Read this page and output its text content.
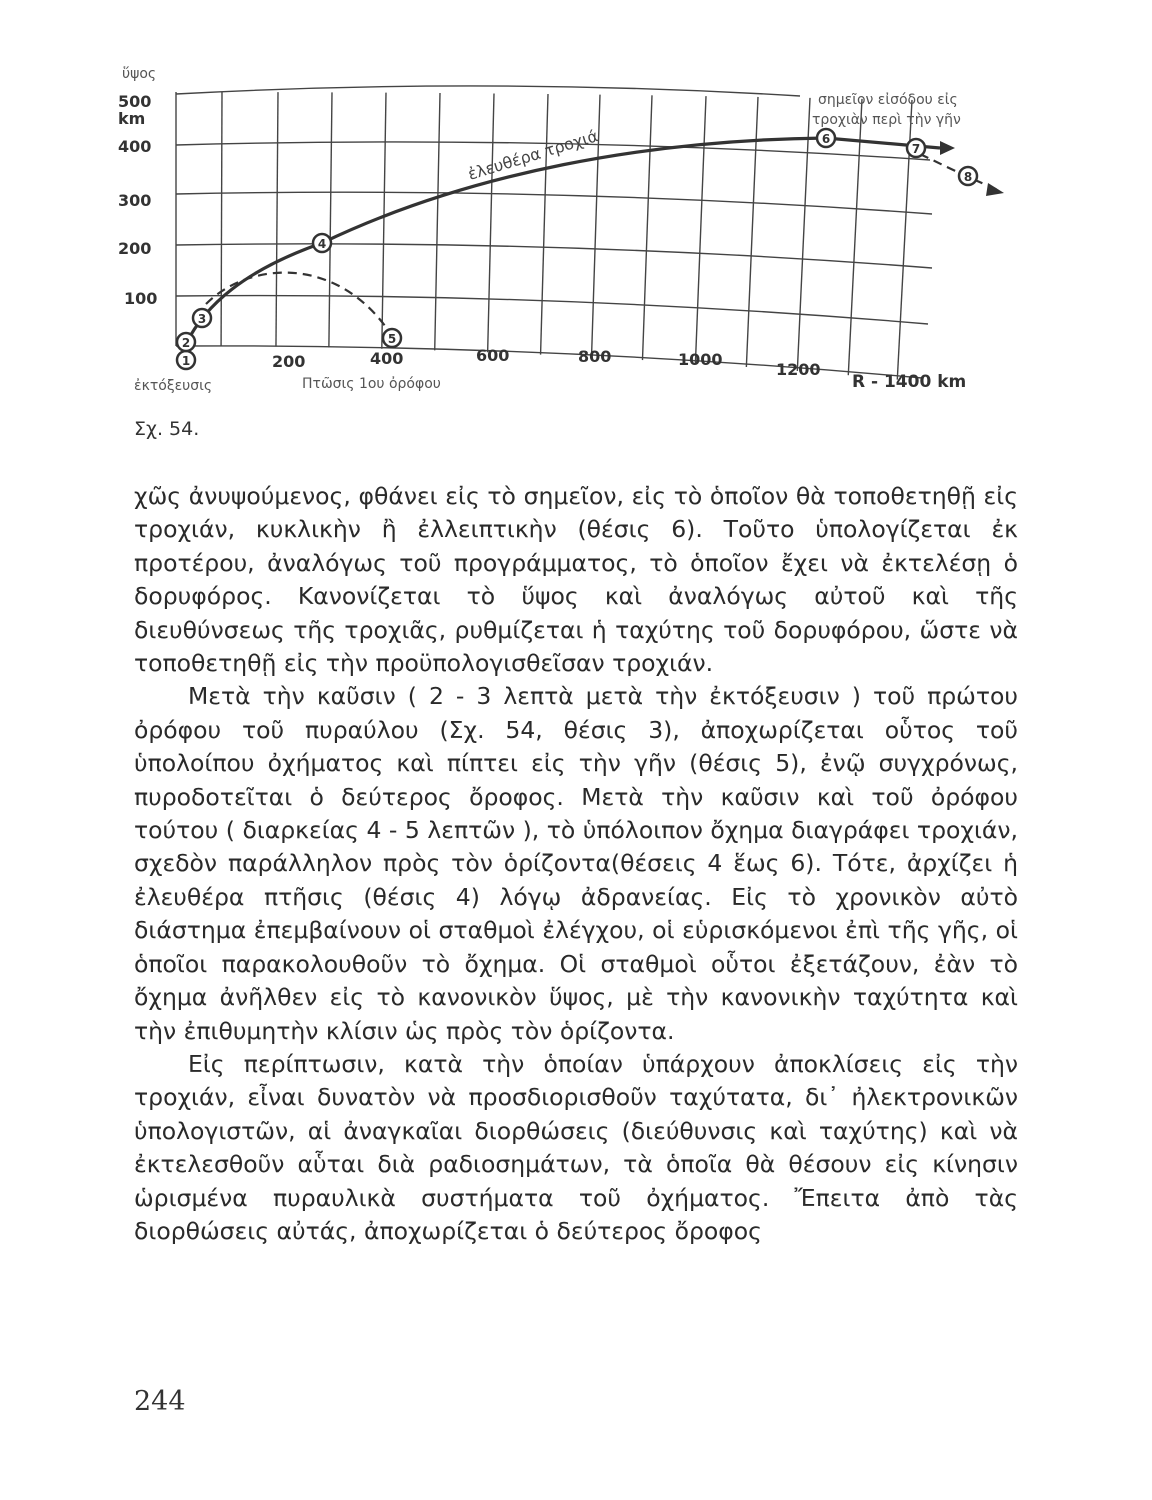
ὕψος
500
km
400
300
200
100
200	400	600	800	1000
1200
R - 1400 km
ἐκτόξευσις	Πτῶσις 1ου ὀρόφου
ἐλευθέρα τροχιά
σημεῖον εἰσόδου εἰς
τροχιὰν περὶ τὴν γῆν
1
2
3
4
5
6
7
8
Σχ. 54.

χῶς ἀνυψούμενος, φθάνει εἰς τὸ σημεῖον, εἰς τὸ ὁποῖον θὰ τοποθετηθῇ εἰς τροχιάν, κυκλικὴν ἢ ἐλλειπτικὴν (θέσις 6). Τοῦτο ὑπολογίζεται ἐκ προτέρου, ἀναλόγως τοῦ προγράμματος, τὸ ὁποῖον ἔχει νὰ ἐκτελέσῃ ὁ δορυφόρος. Κανονίζεται τὸ ὕψος καὶ ἀναλόγως αὐτοῦ καὶ τῆς διευθύνσεως τῆς τροχιᾶς, ρυθμίζεται ἡ ταχύτης τοῦ δορυφόρου, ὥστε νὰ τοποθετηθῇ εἰς τὴν προϋπολογισθεῖσαν τροχιάν.

Μετὰ τὴν καῦσιν ( 2 - 3 λεπτὰ μετὰ τὴν ἐκτόξευσιν ) τοῦ πρώτου ὀρόφου τοῦ πυραύλου (Σχ. 54, θέσις 3), ἀποχωρίζεται οὗτος τοῦ ὑπολοίπου ὀχήματος καὶ πίπτει εἰς τὴν γῆν (θέσις 5), ἐνῷ συγχρόνως, πυροδοτεῖται ὁ δεύτερος ὄροφος. Μετὰ τὴν καῦσιν καὶ τοῦ ὀρόφου τούτου ( διαρκείας 4 - 5 λεπτῶν ), τὸ ὑπόλοιπον ὄχημα διαγράφει τροχιάν, σχεδὸν παράλληλον πρὸς τὸν ὁρίζοντα(θέσεις 4 ἕως 6). Τότε, ἀρχίζει ἡ ἐλευθέρα πτῆσις (θέσις 4) λόγῳ ἀδρανείας. Εἰς τὸ χρονικὸν αὐτὸ διάστημα ἐπεμβαίνουν οἱ σταθμοὶ ἐλέγχου, οἱ εὑρισκόμενοι ἐπὶ τῆς γῆς, οἱ ὁποῖοι παρακολουθοῦν τὸ ὄχημα. Οἱ σταθμοὶ οὗτοι ἐξετάζουν, ἐὰν τὸ ὄχημα ἀνῆλθεν εἰς τὸ κανονικὸν ὕψος, μὲ τὴν κανονικὴν ταχύτητα καὶ τὴν ἐπιθυμητὴν κλίσιν ὡς πρὸς τὸν ὁρίζοντα.

Εἰς περίπτωσιν, κατὰ τὴν ὁποίαν ὑπάρχουν ἀποκλίσεις εἰς τὴν τροχιάν, εἶναι δυνατὸν νὰ προσδιορισθοῦν ταχύτατα, δι᾿ ἠλεκτρονικῶν ὑπολογιστῶν, αἱ ἀναγκαῖαι διορθώσεις (διεύθυνσις καὶ ταχύτης) καὶ νὰ ἐκτελεσθοῦν αὗται διὰ ραδιοσημάτων, τὰ ὁποῖα θὰ θέσουν εἰς κίνησιν ὡρισμένα πυραυλικὰ συστήματα τοῦ ὀχήματος. Ἔπειτα ἀπὸ τὰς διορθώσεις αὐτάς, ἀποχωρίζεται ὁ δεύτερος ὄροφος

244
